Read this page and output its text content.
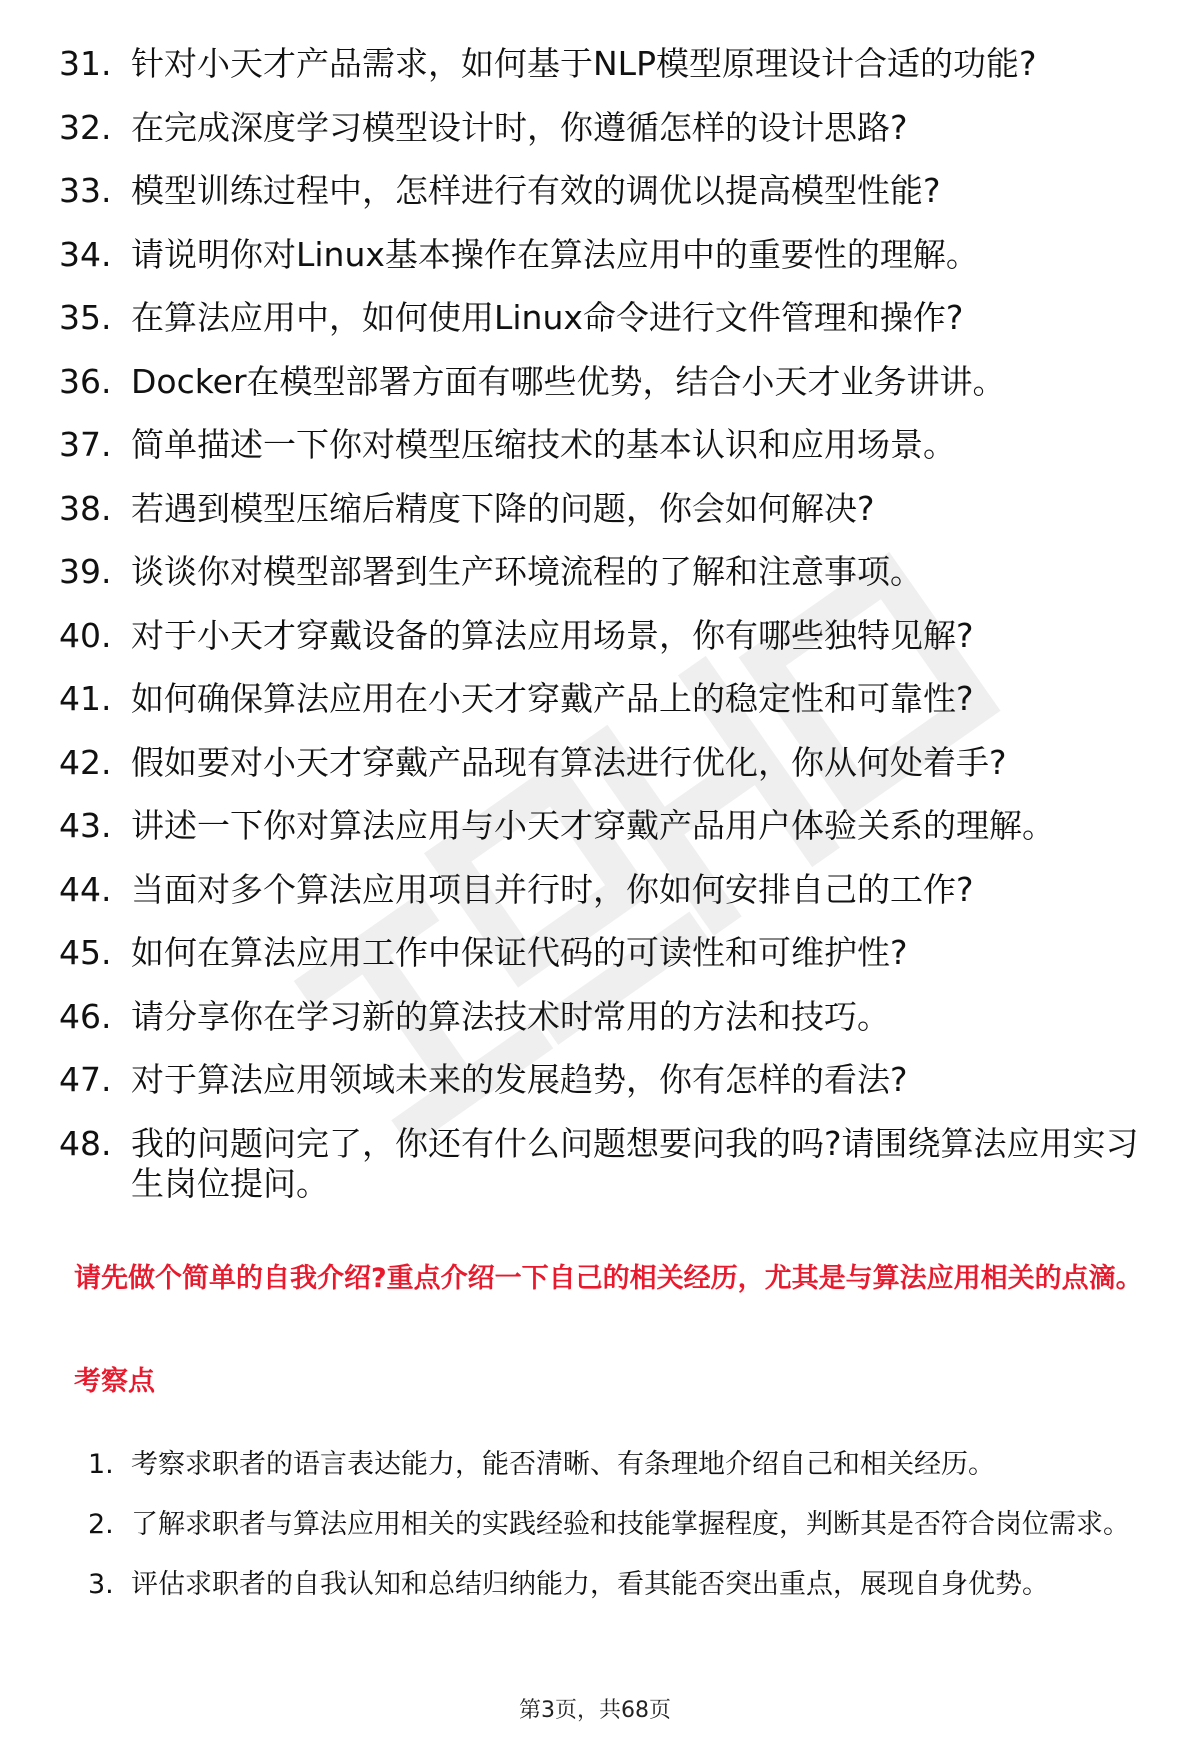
31. 针对小天才产品需求，如何基于NLP模型原理设计合适的功能?
32. 在完成深度学习模型设计时，你遵循怎样的设计思路?
33. 模型训练过程中，怎样进行有效的调优以提高模型性能?
34. 请说明你对Linux基本操作在算法应用中的重要性的理解。
35. 在算法应用中，如何使用Linux命令进行文件管理和操作?
36. Docker在模型部署方面有哪些优势，结合小天才业务讲讲。
37. 简单描述一下你对模型压缩技术的基本认识和应用场景。
38. 若遇到模型压缩后精度下降的问题，你会如何解决?
39. 谈谈你对模型部署到生产环境流程的了解和注意事项。
40. 对于小天才穿戴设备的算法应用场景，你有哪些独特见解?
41. 如何确保算法应用在小天才穿戴产品上的稳定性和可靠性?
42. 假如要对小天才穿戴产品现有算法进行优化，你从何处着手?
43. 讲述一下你对算法应用与小天才穿戴产品用户体验关系的理解。
44. 当面对多个算法应用项目并行时，你如何安排自己的工作?
45. 如何在算法应用工作中保证代码的可读性和可维护性?
46. 请分享你在学习新的算法技术时常用的方法和技巧。
47. 对于算法应用领域未来的发展趋势，你有怎样的看法?
48. 我的问题问完了，你还有什么问题想要问我的吗?请围绕算法应用实习生岗位提问。
请先做个简单的自我介绍?重点介绍一下自己的相关经历，尤其是与算法应用相关的点滴。
考察点
1. 考察求职者的语言表达能力，能否清晰、有条理地介绍自己和相关经历。
2. 了解求职者与算法应用相关的实践经验和技能掌握程度，判断其是否符合岗位需求。
3. 评估求职者的自我认知和总结归纳能力，看其能否突出重点，展现自身优势。
第3页，共68页
